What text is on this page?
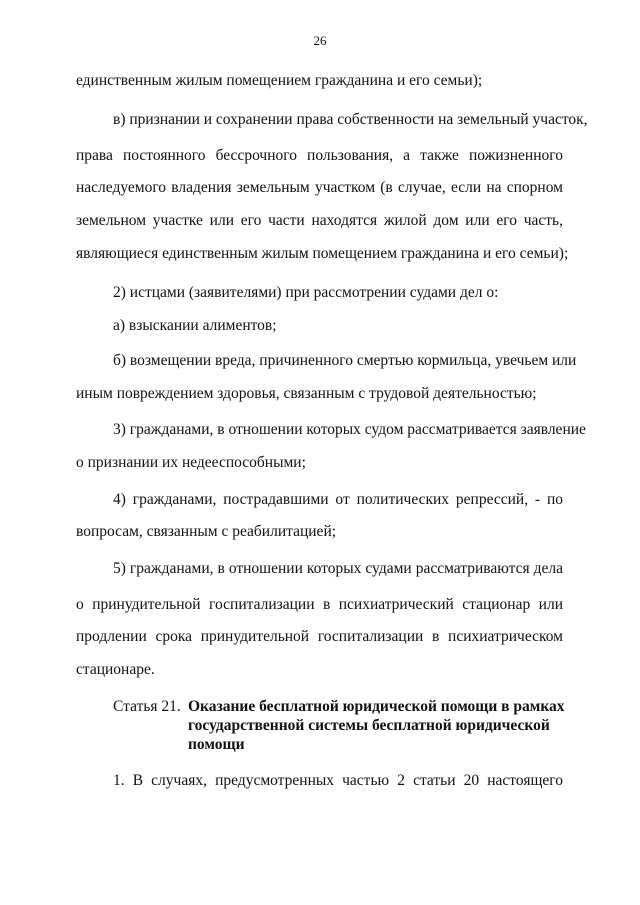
26
единственным жилым помещением гражданина и его семьи);
в) признании и сохранении права собственности на земельный участок,
права постоянного бессрочного пользования, а также пожизненного
наследуемого владения земельным участком (в случае, если на спорном
земельном участке или его части находятся жилой дом или его часть,
являющиеся единственным жилым помещением гражданина и его семьи);
2) истцами (заявителями) при рассмотрении судами дел о:
а) взыскании алиментов;
б) возмещении вреда, причиненного смертью кормильца, увечьем или
иным повреждением здоровья, связанным с трудовой деятельностью;
3) гражданами, в отношении которых судом рассматривается заявление
о признании их недееспособными;
4) гражданами, пострадавшими от политических репрессий, - по
вопросам, связанным с реабилитацией;
5) гражданами, в отношении которых судами рассматриваются дела
о принудительной госпитализации в психиатрический стационар или
продлении срока принудительной госпитализации в психиатрическом
стационаре.
Статья 21. Оказание бесплатной юридической помощи в рамках
государственной системы бесплатной юридической
помощи
1. В случаях, предусмотренных частью 2 статьи 20 настоящего
